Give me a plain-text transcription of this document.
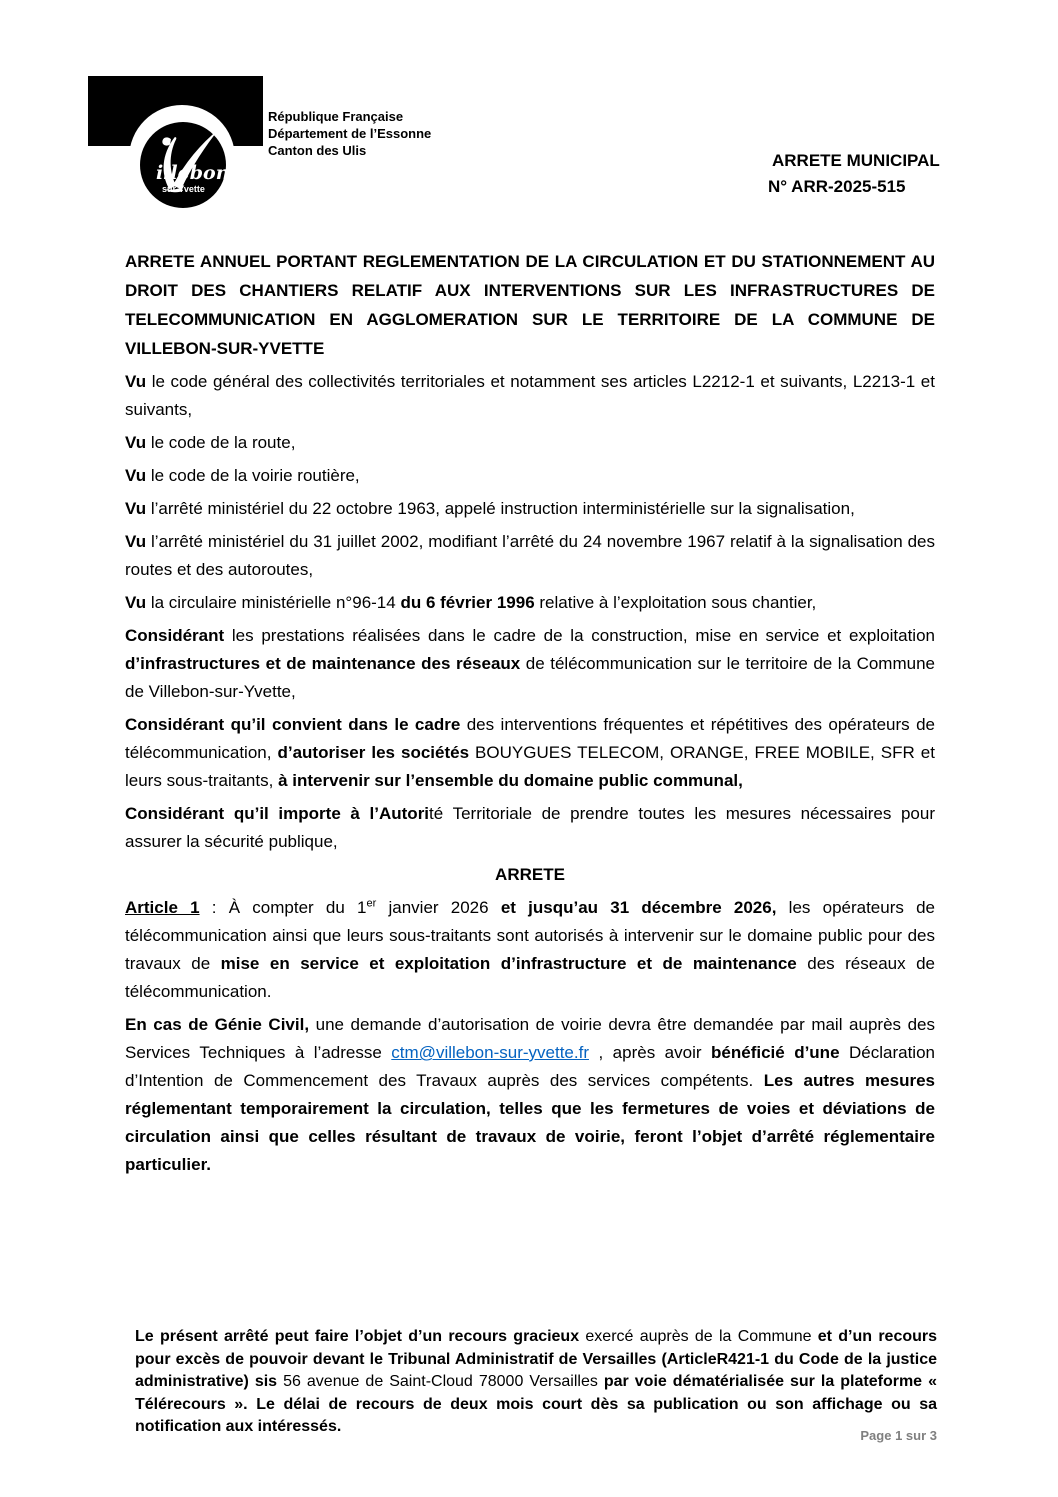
illebon
sur Yvette
République Française
Département de l’Essonne
Canton des Ulis
ARRETE MUNICIPAL
N° ARR-2025-515

ARRETE ANNUEL PORTANT REGLEMENTATION DE LA CIRCULATION ET DU STATIONNEMENT AU DROIT DES CHANTIERS RELATIF AUX INTERVENTIONS SUR LES INFRASTRUCTURES DE TELECOMMUNICATION EN AGGLOMERATION SUR LE TERRITOIRE DE LA COMMUNE DE VILLEBON-SUR-YVETTE

Vu le code général des collectivités territoriales et notamment ses articles L2212-1 et suivants, L2213-1 et suivants,

Vu le code de la route,

Vu le code de la voirie routière,

Vu l’arrêté ministériel du 22 octobre 1963, appelé instruction interministérielle sur la signalisation,

Vu l’arrêté ministériel du 31 juillet 2002, modifiant l’arrêté du 24 novembre 1967 relatif à la signalisation des routes et des autoroutes,

Vu la circulaire ministérielle n°96-14 du 6 février 1996 relative à l’exploitation sous chantier,

Considérant les prestations réalisées dans le cadre de la construction, mise en service et exploitation d’infrastructures et de maintenance des réseaux de télécommunication sur le territoire de la Commune de Villebon-sur-Yvette,

Considérant qu’il convient dans le cadre des interventions fréquentes et répétitives des opérateurs de télécommunication, d’autoriser les sociétés BOUYGUES TELECOM, ORANGE, FREE MOBILE, SFR et leurs sous-traitants, à intervenir sur l’ensemble du domaine public communal,

Considérant qu’il importe à l’Autorité Territoriale de prendre toutes les mesures nécessaires pour assurer la sécurité publique,

ARRETE

Article 1 : À compter du 1er janvier 2026 et jusqu’au 31 décembre 2026, les opérateurs de télécommunication ainsi que leurs sous-traitants sont autorisés à intervenir sur le domaine public pour des travaux de mise en service et exploitation d’infrastructure et de maintenance des réseaux de télécommunication.

En cas de Génie Civil, une demande d’autorisation de voirie devra être demandée par mail auprès des Services Techniques à l’adresse ctm@villebon-sur-yvette.fr , après avoir bénéficié d’une Déclaration d’Intention de Commencement des Travaux auprès des services compétents. Les autres mesures réglementant temporairement la circulation, telles que les fermetures de voies et déviations de circulation ainsi que celles résultant de travaux de voirie, feront l’objet d’arrêté réglementaire particulier.

Le présent arrêté peut faire l’objet d’un recours gracieux exercé auprès de la Commune et d’un recours pour excès de pouvoir devant le Tribunal Administratif de Versailles (ArticleR421-1 du Code de la justice administrative) sis 56 avenue de Saint-Cloud 78000 Versailles par voie dématérialisée sur la plateforme « Télérecours ». Le délai de recours de deux mois court dès sa publication ou son affichage ou sa notification aux intéressés.

Page 1 sur 3
